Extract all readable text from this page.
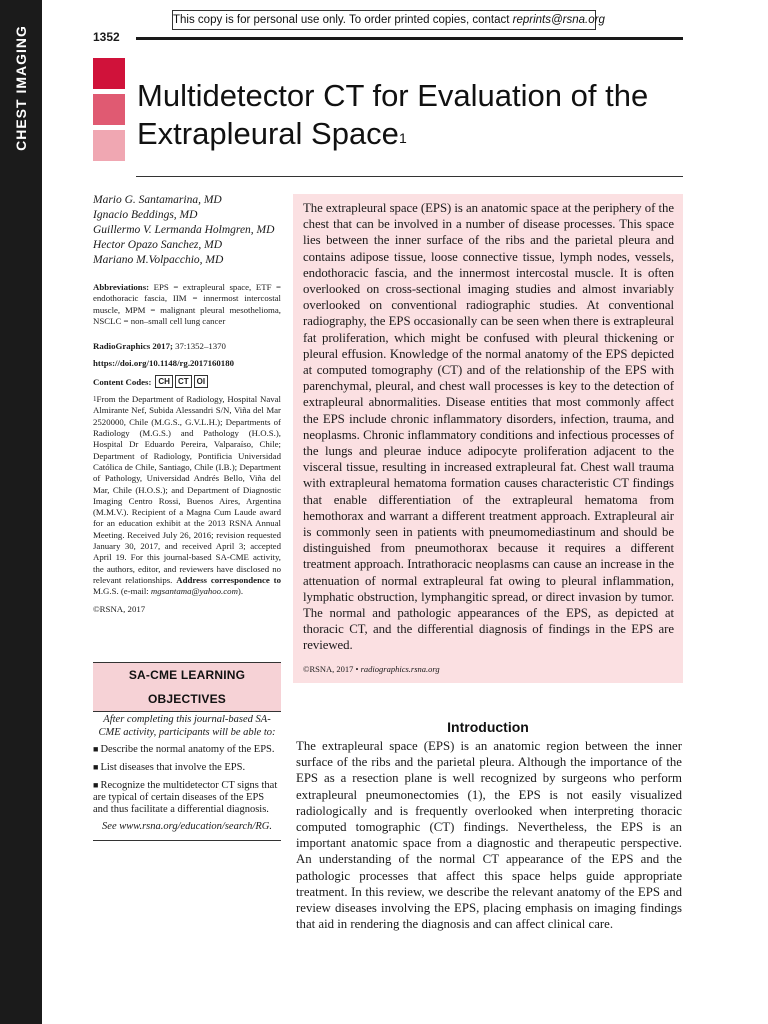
CHEST IMAGING
This copy is for personal use only. To order printed copies, contact reprints@rsna.org
1352
Multidetector CT for Evaluation of the Extrapleural Space$^1$
Mario G. Santamarina, MD
Ignacio Beddings, MD
Guillermo V. Lermanda Holmgren, MD
Hector Opazo Sanchez, MD
Mariano M.Volpacchio, MD
Abbreviations: EPS = extrapleural space, ETF = endothoracic fascia, IIM = innermost intercostal muscle, MPM = malignant pleural mesothelioma, NSCLC = non–small cell lung cancer
RadioGraphics 2017; 37:1352–1370
https://doi.org/10.1148/rg.2017160180
Content Codes: CH	CT	OI
$^1$From the Department of Radiology, Hospital Naval Almirante Nef, Subida Alessandri S/N, Viña del Mar 2520000, Chile (M.G.S., G.V.L.H.); Departments of Radiology (M.G.S.) and Pathology (H.O.S.), Hospital Dr Eduardo Pereira, Valparaíso, Chile; Department of Radiology, Pontificia Universidad Católica de Chile, Santiago, Chile (I.B.); Department of Pathology, Universidad Andrés Bello, Viña del Mar, Chile (H.O.S.); and Department of Diagnostic Imaging Centro Rossi, Buenos Aires, Argentina (M.M.V.). Recipient of a Magna Cum Laude award for an education exhibit at the 2013 RSNA Annual Meeting. Received July 26, 2016; revision requested January 30, 2017, and received April 3; accepted April 19. For this journal-based SA-CME activity, the authors, editor, and reviewers have disclosed no relevant relationships. Address correspondence to M.G.S. (e-mail: mgsantama@yahoo.com).
©RSNA, 2017
SA-CME LEARNING OBJECTIVES
After completing this journal-based SA-CME activity, participants will be able to:
■ Describe the normal anatomy of the EPS.
■ List diseases that involve the EPS.
■ Recognize the multidetector CT signs that are typical of certain diseases of the EPS and thus facilitate a differential diagnosis.
See www.rsna.org/education/search/RG.

The extrapleural space (EPS) is an anatomic space at the periphery of the chest that can be involved in a number of disease processes. This space lies between the inner surface of the ribs and the parietal pleura and contains adipose tissue, loose connective tissue, lymph nodes, vessels, endothoracic fascia, and the innermost intercostal muscle. It is often overlooked on cross-sectional imaging studies and almost invariably overlooked on conventional radiographic studies. At conventional radiography, the EPS occasionally can be seen when there is extrapleural fat proliferation, which might be confused with pleural thickening or pleural effusion. Knowledge of the normal anatomy of the EPS depicted at computed tomography (CT) and of the relationship of the EPS with parenchymal, pleural, and chest wall processes is key to the detection of extrapleural abnormalities. Disease entities that most commonly affect the EPS include chronic inflammatory disorders, infection, trauma, and neoplasms. Chronic inflammatory conditions and infectious processes of the lungs and pleurae induce adipocyte proliferation adjacent to the visceral tissue, resulting in increased extrapleural fat. Chest wall trauma with extrapleural hematoma formation causes characteristic CT findings that enable differentiation of the extrapleural hematoma from hemothorax and warrant a different treatment approach. Extrapleural air is commonly seen in patients with pneumomediastinum and should be distinguished from pneumothorax because it requires a different treatment approach. Intrathoracic neoplasms can cause an increase in the attenuation of normal extrapleural fat owing to pleural inflammation, lymphatic obstruction, lymphangitic spread, or direct invasion by tumor. The normal and pathologic appearances of the EPS, as depicted at thoracic CT, and the differential diagnosis of findings in the EPS are reviewed.

©RSNA, 2017 • radiographics.rsna.org
Introduction
The extrapleural space (EPS) is an anatomic region between the inner surface of the ribs and the parietal pleura. Although the importance of the EPS as a resection plane is well recognized by surgeons who perform extrapleural pneumonectomies (1), the EPS is not easily visualized radiologically and is frequently overlooked when interpreting thoracic computed tomographic (CT) findings. Nevertheless, the EPS is an important anatomic space from a diagnostic and therapeutic perspective. An understanding of the normal CT appearance of the EPS and the pathologic processes that affect this space helps guide appropriate treatment. In this review, we describe the relevant anatomy of the EPS and review diseases involving the EPS, placing emphasis on imaging findings that aid in rendering the diagnosis and can affect clinical care.
